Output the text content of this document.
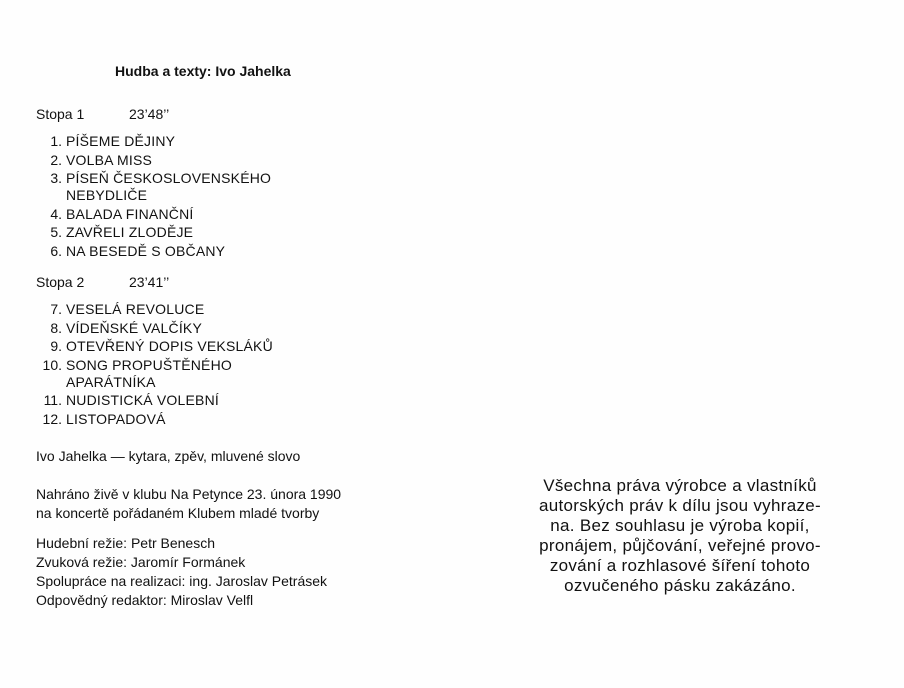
Hudba a texty: Ivo Jahelka
Stopa 1	23’48’’
1. PÍŠEME DĚJINY
2. VOLBA MISS
3. PÍSEŇ ČESKOSLOVENSKÉHO
NEBYDLIČE
4. BALADA FINANČNÍ
5. ZAVŘELI ZLODĚJE
6. NA BESEDĚ S OBČANY
Stopa 2	23’41’’
7. VESELÁ REVOLUCE
8. VÍDEŇSKÉ VALČÍKY
9. OTEVŘENÝ DOPIS VEKSLÁKŮ
10. SONG PROPUŠTĚNÉHO
APARÁTNÍKA
11. NUDISTICKÁ VOLEBNÍ
12. LISTOPADOVÁ
Ivo Jahelka — kytara, zpěv, mluvené slovo
Nahráno živě v klubu Na Petynce 23. února 1990
na koncertě pořádaném Klubem mladé tvorby
Hudební režie: Petr Benesch
Zvuková režie: Jaromír Formánek
Spolupráce na realizaci: ing. Jaroslav Petrásek
Odpovědný redaktor: Miroslav Velfl
Všechna práva výrobce a vlastníků
autorských práv k dílu jsou vyhraze-
na. Bez souhlasu je výroba kopií,
pronájem, půjčování, veřejné provo-
zování a rozhlasové šíření tohoto
ozvučeného pásku zakázáno.
